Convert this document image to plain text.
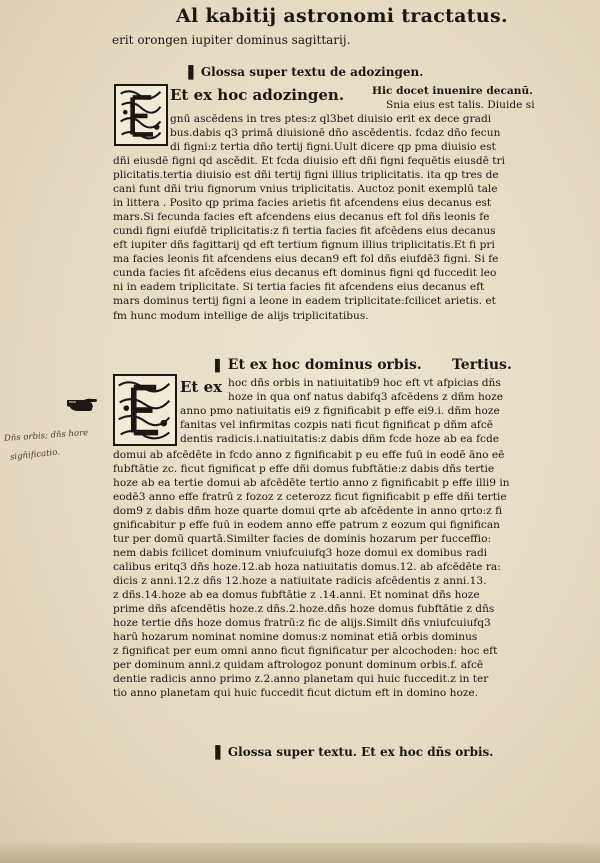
Al kabitij astronomi tractatus.
erit orongen iupiter dominus sagittarij.
❚ Glossa super textu de adozingen.
Et ex hoc adozingen.	Hic docet inuenire decanū.
Snia eius est talis. Diuide si
gnū ascēdens in tres ptes:z ql3bet diuisio erit ex dece gradi
bus.dabis q3 primā diuisionē dño ascēdentis. fcdaz dño fecun
di figni:z tertia dño tertij figni.Uult dicere qp pma diuisio est
dñi eiusdē figni qd ascēdit. Et fcda diuisio eft dñi figni fequētis eiusdē tri
plicitatis.tertia diuisio est dñi tertij figni illius triplicitatis. ita qp tres de
cani funt dñi triu fignorum vnius triplicitatis. Auctoz ponit exemplū tale
in littera . Posito qp prima facies arietis fit afcendens eius decanus est
mars.Si fecunda facies eft afcendens eius decanus eft fol dñs leonis fe
cundi figni eiufdē triplicitatis:z fi tertia facies fit afcēdens eius decanus
eft iupiter dñs fagittarij qd eft tertium fignum illius triplicitatis.Et fi pri
ma facies leonis fit afcendens eius decan9 eft fol dñs eiufdē3 figni. Si fe
cunda facies fit afcēdens eius decanus eft dominus figni qd fuccedit leo
ni in eadem triplicitate. Si tertia facies fit afcendens eius decanus eft
mars dominus tertij figni a leone in eadem triplicitate:fcilicet arietis. et
fm hunc modum intellige de alijs triplicitatibus.
❚ Et ex hoc dominus orbis. Tertius.
Et ex hoc dñs orbis in natiuitatib9 hoc eft vt afpicias dñs
hoze in qua onf natus dabifq3 afcēdens z dñm hoze
anno pmo natiuitatis ei9 z fignificabit p effe ei9.i. dñm hoze
fanitas vel infirmitas cozpis nati ficut fignificat p dñm afcē
dentis radicis.i.natiuitatis:z dabis dñm fcde hoze ab ea fcde
domui ab afcēdēte in fcdo anno z fignificabit p eu effe fuū in eodē āno eē
fubftātie zc. ficut fignificat p effe dñi domus fubftātie:z dabis dñs tertie
hoze ab ea tertie domui ab afcēdēte tertio anno z fignificabit p effe illi9 in
eodē3 anno effe fratrū z fozoz z ceterozz ficut fignificabit p effe dñi tertie
dom9 z dabis dñm hoze quarte domui qrte ab afcēdente in anno qrto:z fi
gnificabitur p effe fuū in eodem anno effe patrum z eozum qui fignifican
tur per domū quartā.Similter facies de dominis hozarum per fucceffio:
nem dabis fcilicet dominum vniufcuiufq3 hoze domui ex domibus radi
calibus eritq3 dñs hoze.12.ab hoza natiuitatis domus.12. ab afcēdēte ra:
dicis z anni.12.z dñs 12.hoze a natiuitate radicis afcēdentis z anni.13.
z dñs.14.hoze ab ea domus fubftātie z .14.anni. Et nominat dñs hoze
prime dñs afcendētis hoze.z dñs.2.hoze.dñs hoze domus fubftātie z dñs
hoze tertie dñs hoze domus fratrū:z fic de alijs.Similt dñs vniufcuiufq3
harū hozarum nominat nomine domus:z nominat etiā orbis dominus
z fignificat per eum omni anno ficut fignificatur per alcochoden: hoc eft
per dominum anni.z quidam aftrologoz ponunt dominum orbis.f. afcē
dentie radicis anno primo z.2.anno planetam qui huic fuccedit.z in ter
tio anno planetam qui huic fuccedit ficut dictum eft in domino hoze.
❚ Glossa super textu. Et ex hoc dñs orbis.
Dn̄s orbis; dn̄s hore
sign̄ificatio.
